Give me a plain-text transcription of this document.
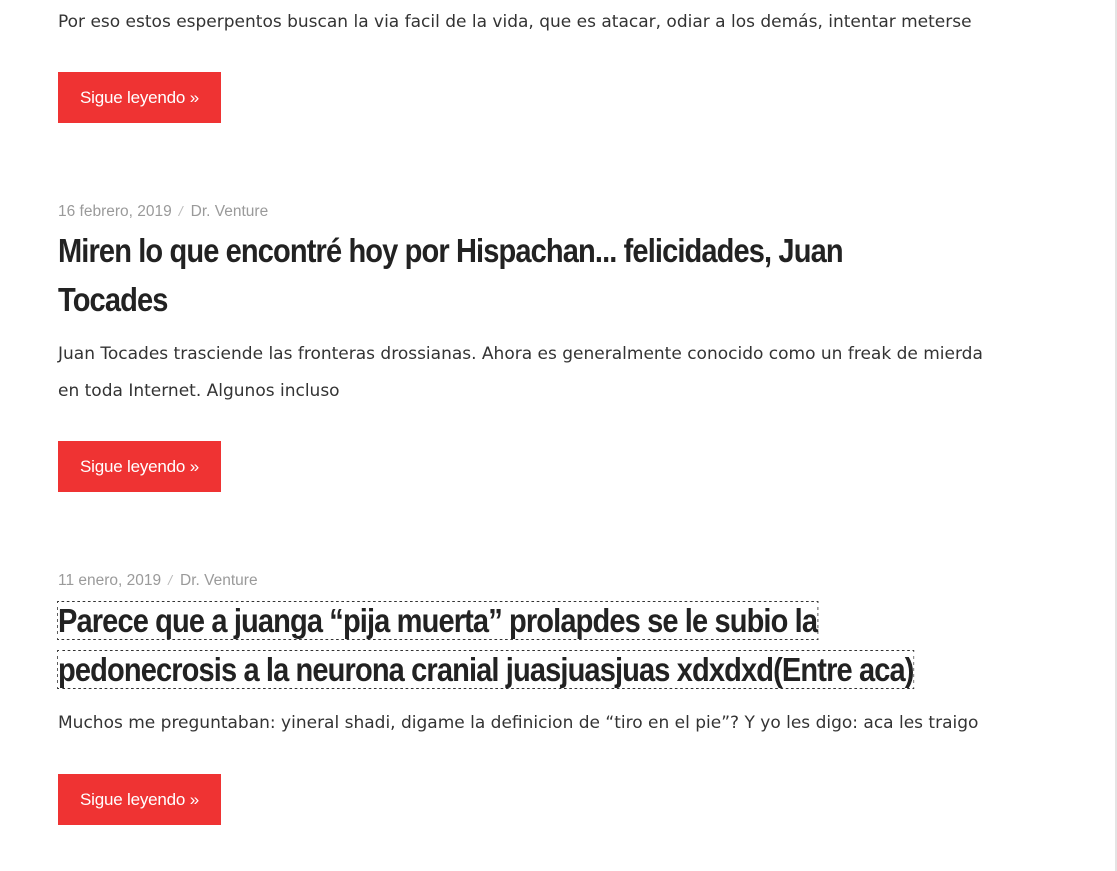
Por eso estos esperpentos buscan la via facil de la vida, que es atacar, odiar a los demás, intentar meterse

Sigue leyendo »
16 febrero, 2019 / Dr. Venture
Miren lo que encontré hoy por Hispachan... felicidades, Juan
Tocades

Juan Tocades trasciende las fronteras drossianas. Ahora es generalmente conocido como un freak de mierda
en toda Internet. Algunos incluso

Sigue leyendo »
11 enero, 2019 / Dr. Venture
Parece que a juanga “pija muerta” prolapdes se le subio la
pedonecrosis a la neurona cranial juasjuasjuas xdxdxd(Entre aca)

Muchos me preguntaban: yineral shadi, digame la definicion de “tiro en el pie”? Y yo les digo: aca les traigo

Sigue leyendo »
